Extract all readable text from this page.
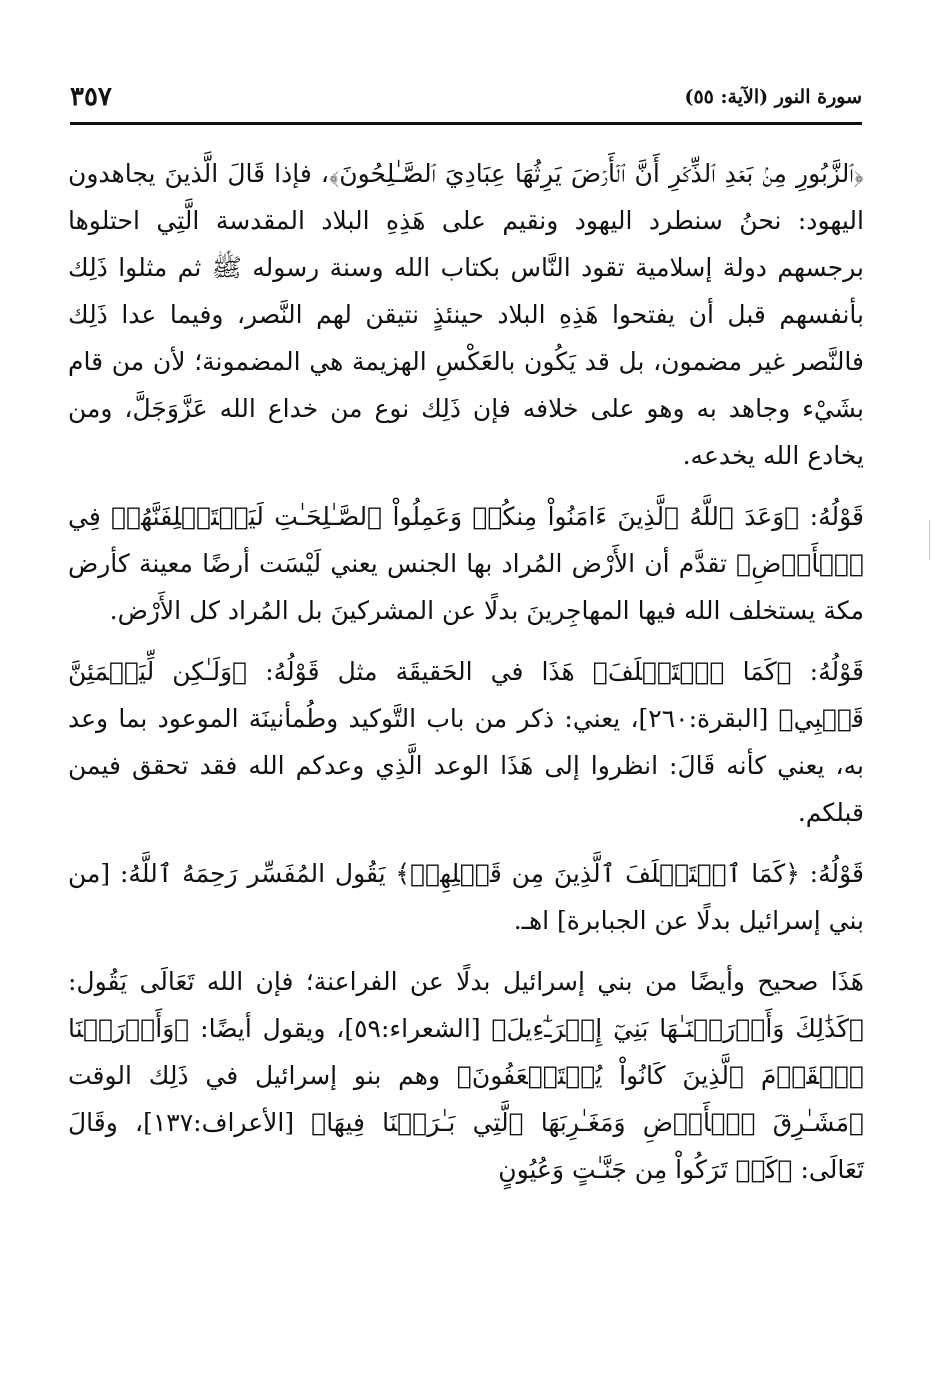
سورة النور (الآية: ٥٥)
٣٥٧

﴿ٱلزَّبُورِ مِنۢ بَعۡدِ ٱلذِّكۡرِ أَنَّ ٱلۡأَرۡضَ يَرِثُهَا عِبَادِيَ ٱلصَّـٰلِحُونَ﴾، فإذا قَالَ الَّذينَ يجاهدون اليهود: نحنُ سنطرد اليهود ونقيم على هَذِهِ البلاد المقدسة الَّتِي احتلوها برجسهم دولة إسلامية تقود النَّاس بكتاب الله وسنة رسوله ﷺ ثم مثلوا ذَلِك بأنفسهم قبل أن يفتحوا هَذِهِ البلاد حينئذٍ نتيقن لهم النَّصر، وفيما عدا ذَلِك فالنَّصر غير مضمون، بل قد يَكُون بالعَكْسِ الهزيمة هي المضمونة؛ لأن من قام بشَيْء وجاهد به وهو على خلافه فإن ذَلِك نوع من خداع الله عَزَّوَجَلَّ، ومن يخادع الله يخدعه.

قَوْلُهُ: ﴿وَعَدَ ٱللَّهُ ٱلَّذِينَ ءَامَنُواْ مِنكُمۡ وَعَمِلُواْ ٱلصَّـٰلِحَـٰتِ لَيَسۡتَخۡلِفَنَّهُمۡ فِي ٱلۡأَرۡضِ﴾ تقدَّم أن الأَرْض المُراد بها الجنس يعني لَيْسَت أرضًا معينة كأرض مكة يستخلف الله فيها المهاجِرينَ بدلًا عن المشركينَ بل المُراد كل الأَرْض.

قَوْلُهُ: ﴿كَمَا ٱسۡتَخۡلَفَ﴾ هَذَا في الحَقيقَة مثل قَوْلُهُ: ﴿وَلَـٰكِن لِّيَطۡمَئِنَّ قَلۡبِي﴾ [البقرة:٢٦٠]، يعني: ذكر من باب التَّوكيد وطُمأنينَة الموعود بما وعد به، يعني كأنه قَالَ: انظروا إلى هَذَا الوعد الَّذِي وعدكم الله فقد تحقق فيمن قبلكم.

قَوْلُهُ: ﴿كَمَا ٱسۡتَخۡلَفَ ٱلَّذِينَ مِن قَبۡلِهِمۡ﴾ يَقُول المُفَسِّر رَحِمَهُ ٱللَّهُ: [من بني إسرائيل بدلًا عن الجبابرة] اهـ.

هَذَا صحيح وأيضًا من بني إسرائيل بدلًا عن الفراعنة؛ فإن الله تَعَالَى يَقُول: ﴿كَذَٰلِكَ وَأَوۡرَثۡنَـٰهَا بَنِيٓ إِسۡرَـٰٓءِيلَ﴾ [الشعراء:٥٩]، ويقول أيضًا: ﴿وَأَوۡرَثۡنَا ٱلۡقَوۡمَ ٱلَّذِينَ كَانُواْ يُسۡتَضۡعَفُونَ﴾ وهم بنو إسرائيل في ذَلِك الوقت ﴿مَشَـٰرِقَ ٱلۡأَرۡضِ وَمَغَـٰرِبَهَا ٱلَّتِي بَـٰرَكۡنَا فِيهَا﴾ [الأعراف:١٣٧]، وقَالَ تَعَالَى: ﴿كَمۡ تَرَكُواْ مِن جَنَّـٰتٍ وَعُيُونٍ
